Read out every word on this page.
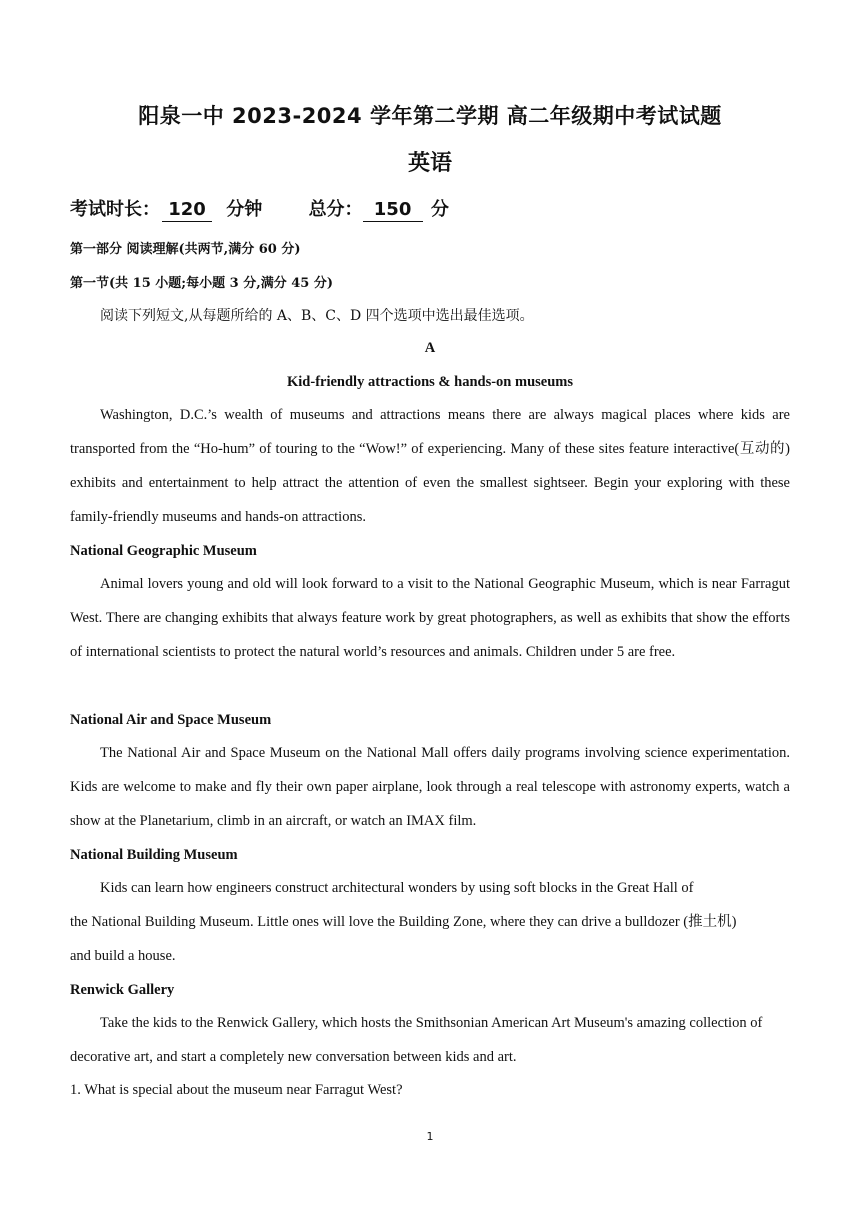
阳泉一中 2023-2024 学年第二学期 高二年级期中考试试题
英语
考试时长： 120 分钟	总分： 150 分
第一部分 阅读理解(共两节,满分 60 分)
第一节(共 15 小题;每小题 3 分,满分 45 分)
阅读下列短文,从每题所给的 A、B、C、D 四个选项中选出最佳选项。
A
Kid-friendly attractions & hands-on museums

Washington, D.C.’s wealth of museums and attractions means there are always magical places where kids are transported from the “Ho-hum” of touring to the “Wow!” of experiencing. Many of these sites feature interactive(互动的) exhibits and entertainment to help attract the attention of even the smallest sightseer. Begin your exploring with these family-friendly museums and hands-on attractions.

National Geographic Museum

Animal lovers young and old will look forward to a visit to the National Geographic Museum, which is near Farragut West. There are changing exhibits that always feature work by great photographers, as well as exhibits that show the efforts of international scientists to protect the natural world’s resources and animals. Children under 5 are free.

National Air and Space Museum

The National Air and Space Museum on the National Mall offers daily programs involving science experimentation. Kids are welcome to make and fly their own paper airplane, look through a real telescope with astronomy experts, watch a show at the Planetarium, climb in an aircraft, or watch an IMAX film.

National Building Museum

Kids can learn how engineers construct architectural wonders by using soft blocks in the Great Hall of

the National Building Museum. Little ones will love the Building Zone, where they can drive a bulldozer (推土机)

and build a house.

Renwick Gallery

Take the kids to the Renwick Gallery, which hosts the Smithsonian American Art Museum's amazing collection of decorative art, and start a completely new conversation between kids and art.

1. What is special about the museum near Farragut West?
1
